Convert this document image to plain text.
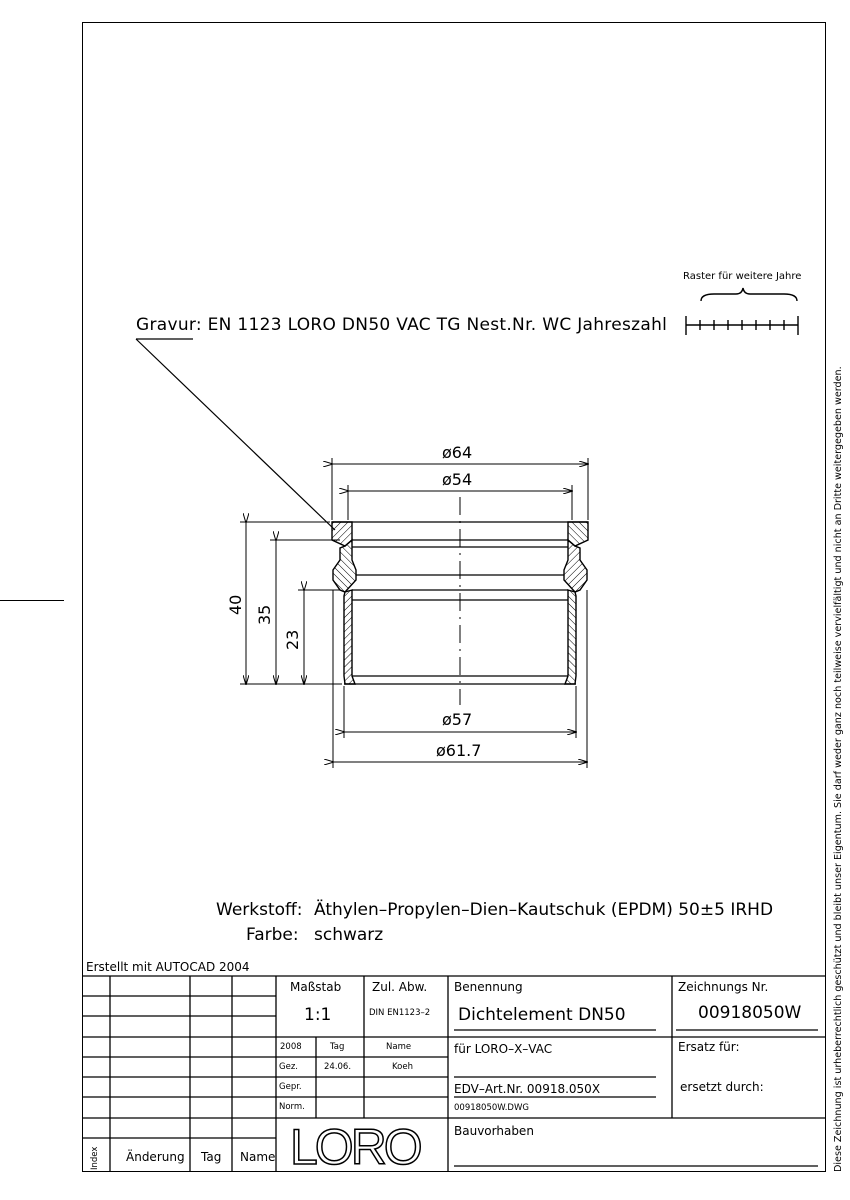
Gravur: EN 1123 LORO DN50 VAC TG Nest.Nr. WC Jahreszahl
Raster für weitere Jahre
ø64
ø54
ø57
ø61.7
40 35
23
Werkstoff: Äthylen–Propylen–Dien–Kautschuk (EPDM) 50±5 IRHD
Farbe: schwarz
Erstellt mit AUTOCAD 2004
Maßstab
1:1
Zul. Abw.
DIN EN1123–2
Benennung
Dichtelement DN50
Zeichnungs Nr.
00918050W
2008	Tag	Name
Gez.	24.06.	Koeh
Gepr.
Norm.
für LORO–X–VAC	Ersatz für:
EDV–Art.Nr. 00918.050X
00918050W.DWG
ersetzt durch:
Bauvorhaben
LORO
Index Änderung Tag Name	Diese Zeichnung ist urheberrechtlich geschützt und bleibt unser Eigentum. Sie darf weder ganz noch teilweise vervielfältigt und nicht an Dritte weitergegeben werden.
